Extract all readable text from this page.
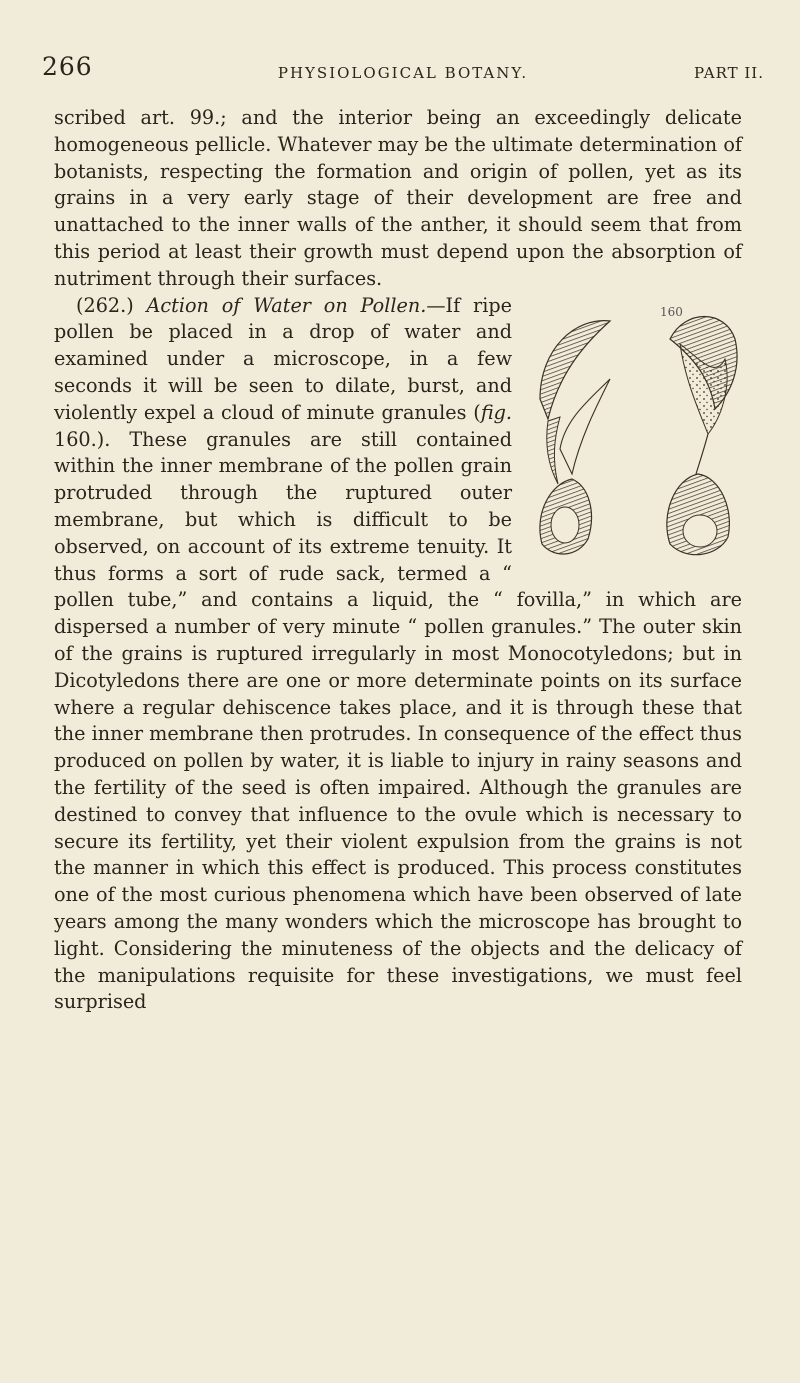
266	PHYSIOLOGICAL BOTANY.	PART II.

scribed art. 99.; and the interior being an exceedingly delicate homogeneous pellicle. Whatever may be the ultimate determination of botanists, respecting the formation and origin of pollen, yet as its grains in a very early stage of their development are free and unattached to the inner walls of the anther, it should seem that from this period at least their growth must depend upon the absorption of nutriment through their surfaces.

(262.) Action of Water on Pollen.—	160
If ripe pollen be placed in a drop of water and examined under a microscope, in a few seconds it will be seen to dilate, burst, and violently expel a cloud of minute granules (fig. 160.). These granules are still contained within the inner membrane of the pollen grain protruded through the ruptured outer membrane, but which is difficult to be observed, on account of its extreme tenuity. It thus forms a sort of rude sack, termed a “ pollen tube,” and contains a liquid, the “ fovilla,” in which are dispersed a number of very minute “ pollen granules.” The outer skin of the grains is ruptured irregularly in most Monocotyledons; but in Dicotyledons there are one or more determinate points on its surface where a regular dehiscence takes place, and it is through these that the inner membrane then protrudes. In consequence of the effect thus produced on pollen by water, it is liable to injury in rainy seasons and the fertility of the seed is often impaired. Although the granules are destined to convey that influence to the ovule which is necessary to secure its fertility, yet their violent expulsion from the grains is not the manner in which this effect is produced. This process constitutes one of the most curious phenomena which have been observed of late years among the many wonders which the microscope has brought to light. Considering the minuteness of the objects and the delicacy of the manipulations requisite for these investigations, we must feel surprised
